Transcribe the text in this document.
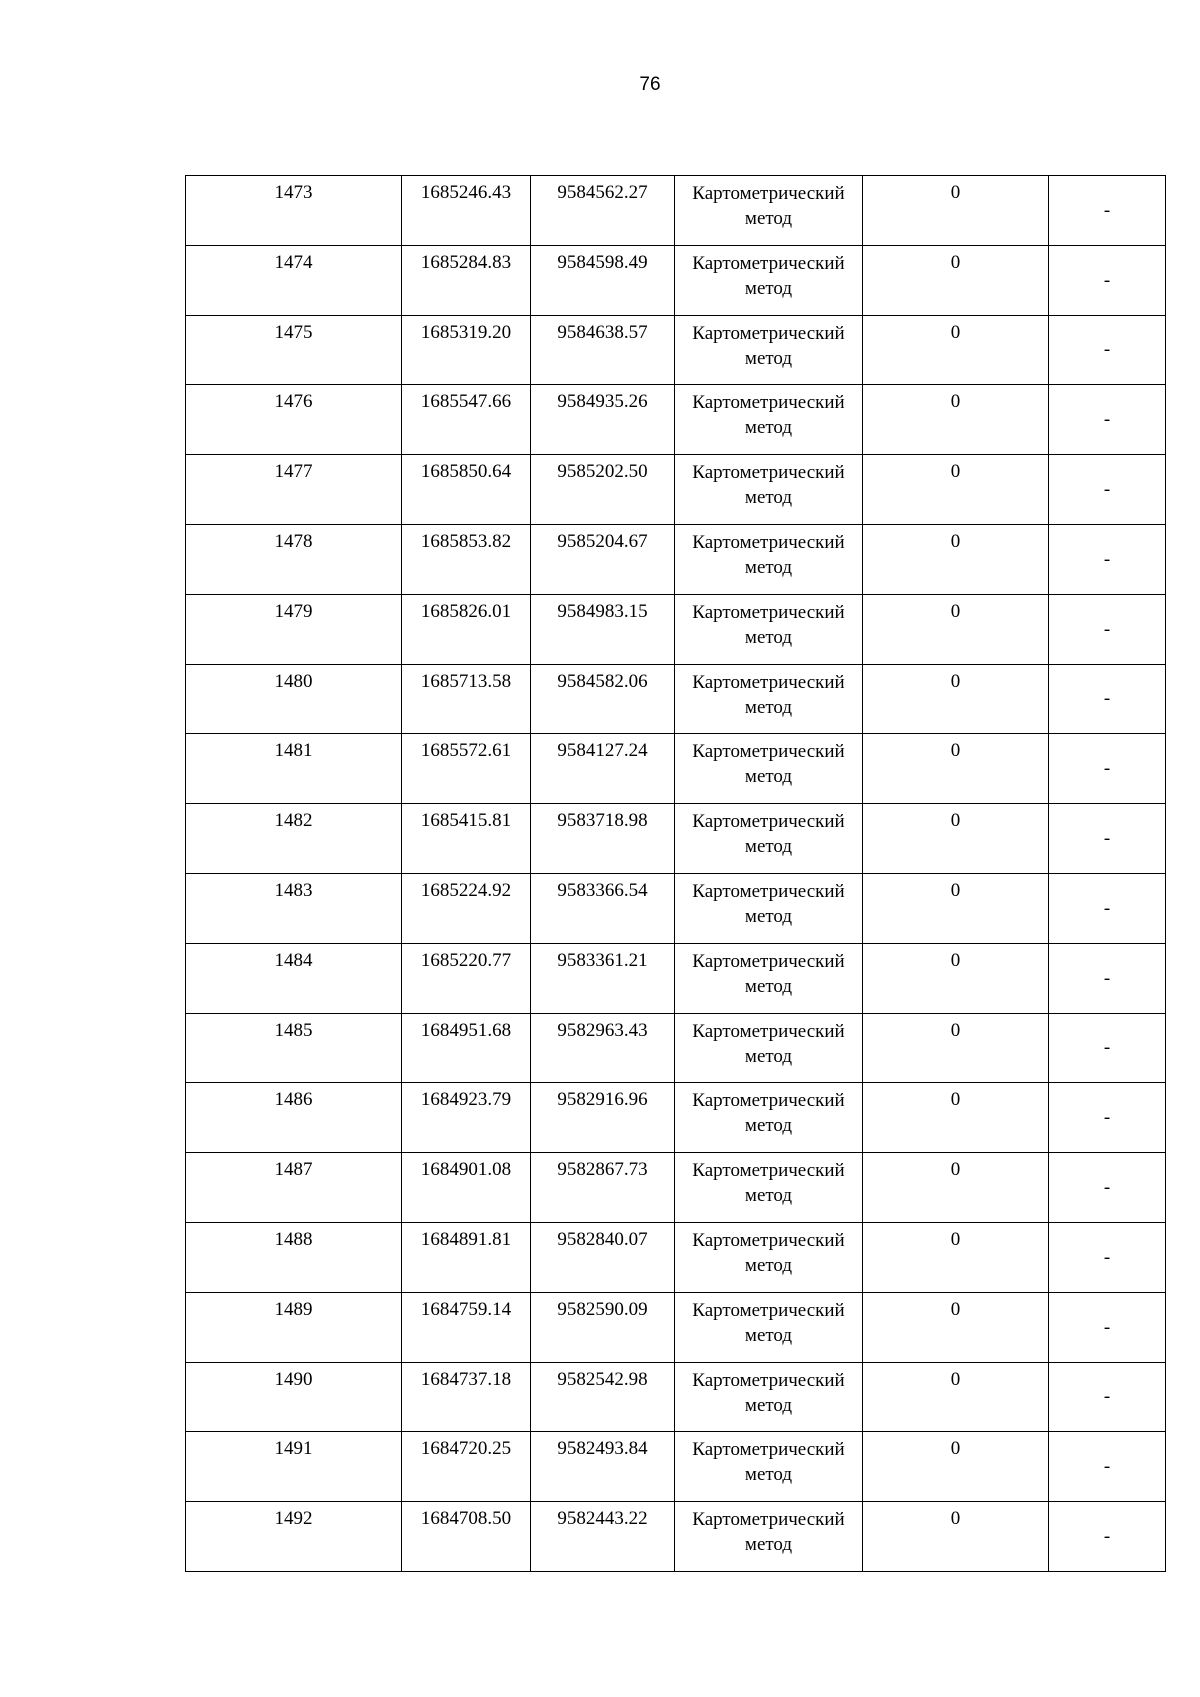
76
1473	1685246.43	9584562.27	Картометрический метод	0	-

1474	1685284.83	9584598.49	Картометрический метод	0	-

1475	1685319.20	9584638.57	Картометрический метод	0	-

1476	1685547.66	9584935.26	Картометрический метод	0	-

1477	1685850.64	9585202.50	Картометрический метод	0	-

1478	1685853.82	9585204.67	Картометрический метод	0	-

1479	1685826.01	9584983.15	Картометрический метод	0	-

1480	1685713.58	9584582.06	Картометрический метод	0	-

1481	1685572.61	9584127.24	Картометрический метод	0	-

1482	1685415.81	9583718.98	Картометрический метод	0	-

1483	1685224.92	9583366.54	Картометрический метод	0	-

1484	1685220.77	9583361.21	Картометрический метод	0	-

1485	1684951.68	9582963.43	Картометрический метод	0	-

1486	1684923.79	9582916.96	Картометрический метод	0	-

1487	1684901.08	9582867.73	Картометрический метод	0	-

1488	1684891.81	9582840.07	Картометрический метод	0	-

1489	1684759.14	9582590.09	Картометрический метод	0	-

1490	1684737.18	9582542.98	Картометрический метод	0	-

1491	1684720.25	9582493.84	Картометрический метод	0	-

1492	1684708.50	9582443.22	Картометрический метод	0	-
